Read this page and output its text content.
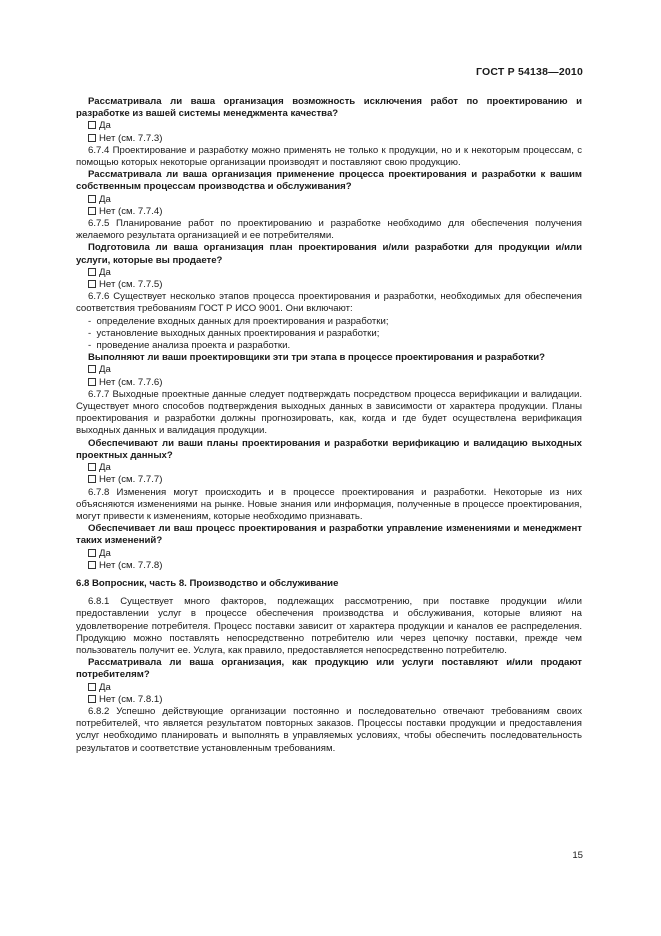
ГОСТ Р 54138—2010

Рассматривала ли ваша организация возможность исключения работ по проектированию и разработке из вашей системы менеджмента качества?

Да

Нет (см. 7.7.3)

6.7.4 Проектирование и разработку можно применять не только к продукции, но и к некоторым процессам, с помощью которых некоторые организации производят и поставляют свою продукцию.

Рассматривала ли ваша организация применение процесса проектирования и разработки к вашим собственным процессам производства и обслуживания?

Да

Нет (см. 7.7.4)

6.7.5 Планирование работ по проектированию и разработке необходимо для обеспечения получения желаемого результата организацией и ее потребителями.

Подготовила ли ваша организация план проектирования и/или разработки для продукции и/или услуги, которые вы продаете?

Да

Нет (см. 7.7.5)

6.7.6 Существует несколько этапов процесса проектирования и разработки, необходимых для обеспечения соответствия требованиям ГОСТ Р ИСО 9001. Они включают:

-  определение входных данных для проектирования и разработки;

-  установление выходных данных проектирования и разработки;

-  проведение анализа проекта и разработки.

Выполняют ли ваши проектировщики эти три этапа в процессе проектирования и разработки?

Да

Нет (см. 7.7.6)

6.7.7 Выходные проектные данные следует подтверждать посредством процесса верификации и валидации. Существует много способов подтверждения выходных данных в зависимости от характера продукции. Планы проектирования и разработки должны прогнозировать, как, когда и где будет осуществлена верификация выходных данных и валидация продукции.

Обеспечивают ли ваши планы проектирования и разработки верификацию и валидацию выходных проектных данных?

Да

Нет (см. 7.7.7)

6.7.8 Изменения могут происходить и в процессе проектирования и разработки. Некоторые из них объясняются изменениями на рынке. Новые знания или информация, полученные в процессе проектирования, могут привести к изменениям, которые необходимо признавать.

Обеспечивает ли ваш процесс проектирования и разработки управление изменениями и менеджмент таких изменений?

Да

Нет (см. 7.7.8)

6.8 Вопросник, часть 8. Производство и обслуживание

6.8.1 Существует много факторов, подлежащих рассмотрению, при поставке продукции и/или предоставлении услуг в процессе обеспечения производства и обслуживания, которые влияют на удовлетворение потребителя. Процесс поставки зависит от характера продукции и каналов ее распределения. Продукцию можно поставлять непосредственно потребителю или через цепочку поставки, прежде чем пользователь получит ее. Услуга, как правило, предоставляется непосредственно потребителю.

Рассматривала ли ваша организация, как продукцию или услуги поставляют и/или продают потребителям?

Да

Нет (см. 7.8.1)

6.8.2 Успешно действующие организации постоянно и последовательно отвечают требованиям своих потребителей, что является результатом повторных заказов. Процессы поставки продукции и предоставления услуг необходимо планировать и выполнять в управляемых условиях, чтобы обеспечить последовательность результатов и соответствие установленным требованиям.

15
